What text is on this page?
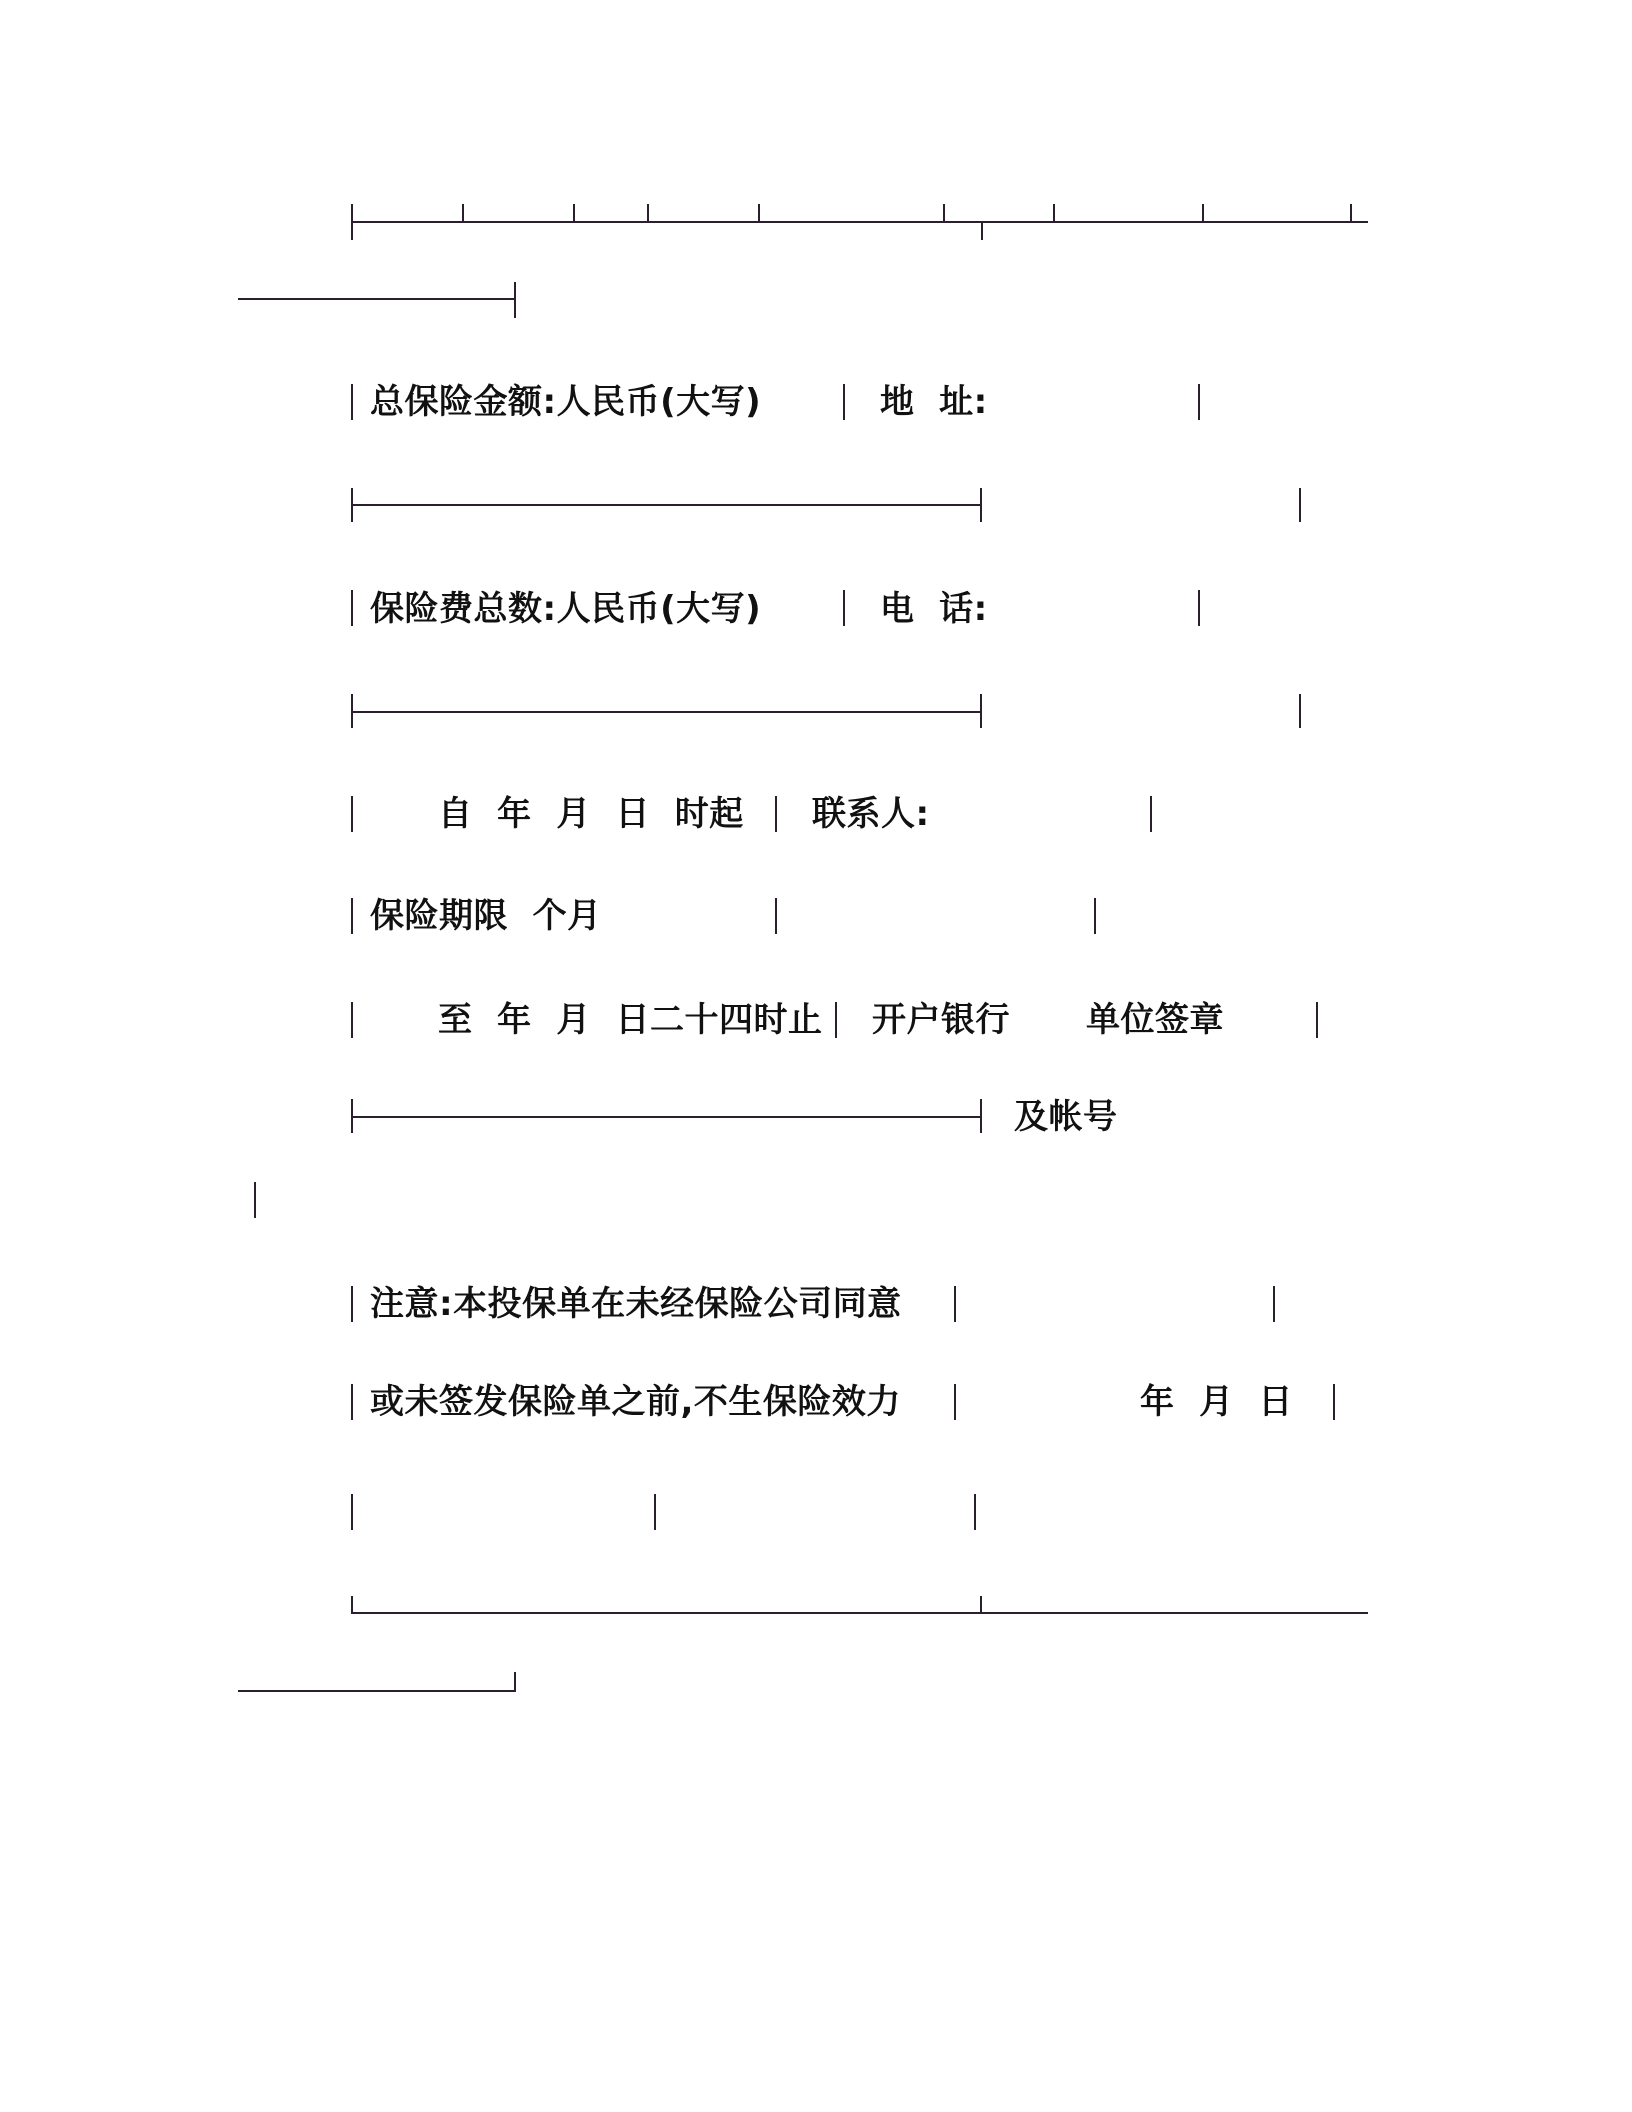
总保险金额:人民币(大写)	地  址:
保险费总数:人民币(大写)	电  话:
自  年  月  日  时起 联系人:
保险期限  个月
至  年  月  日二十四时止 开户银行 单位签章
及帐号
注意:本投保单在未经保险公司同意
或未签发保险单之前,不生保险效力	年  月  日
